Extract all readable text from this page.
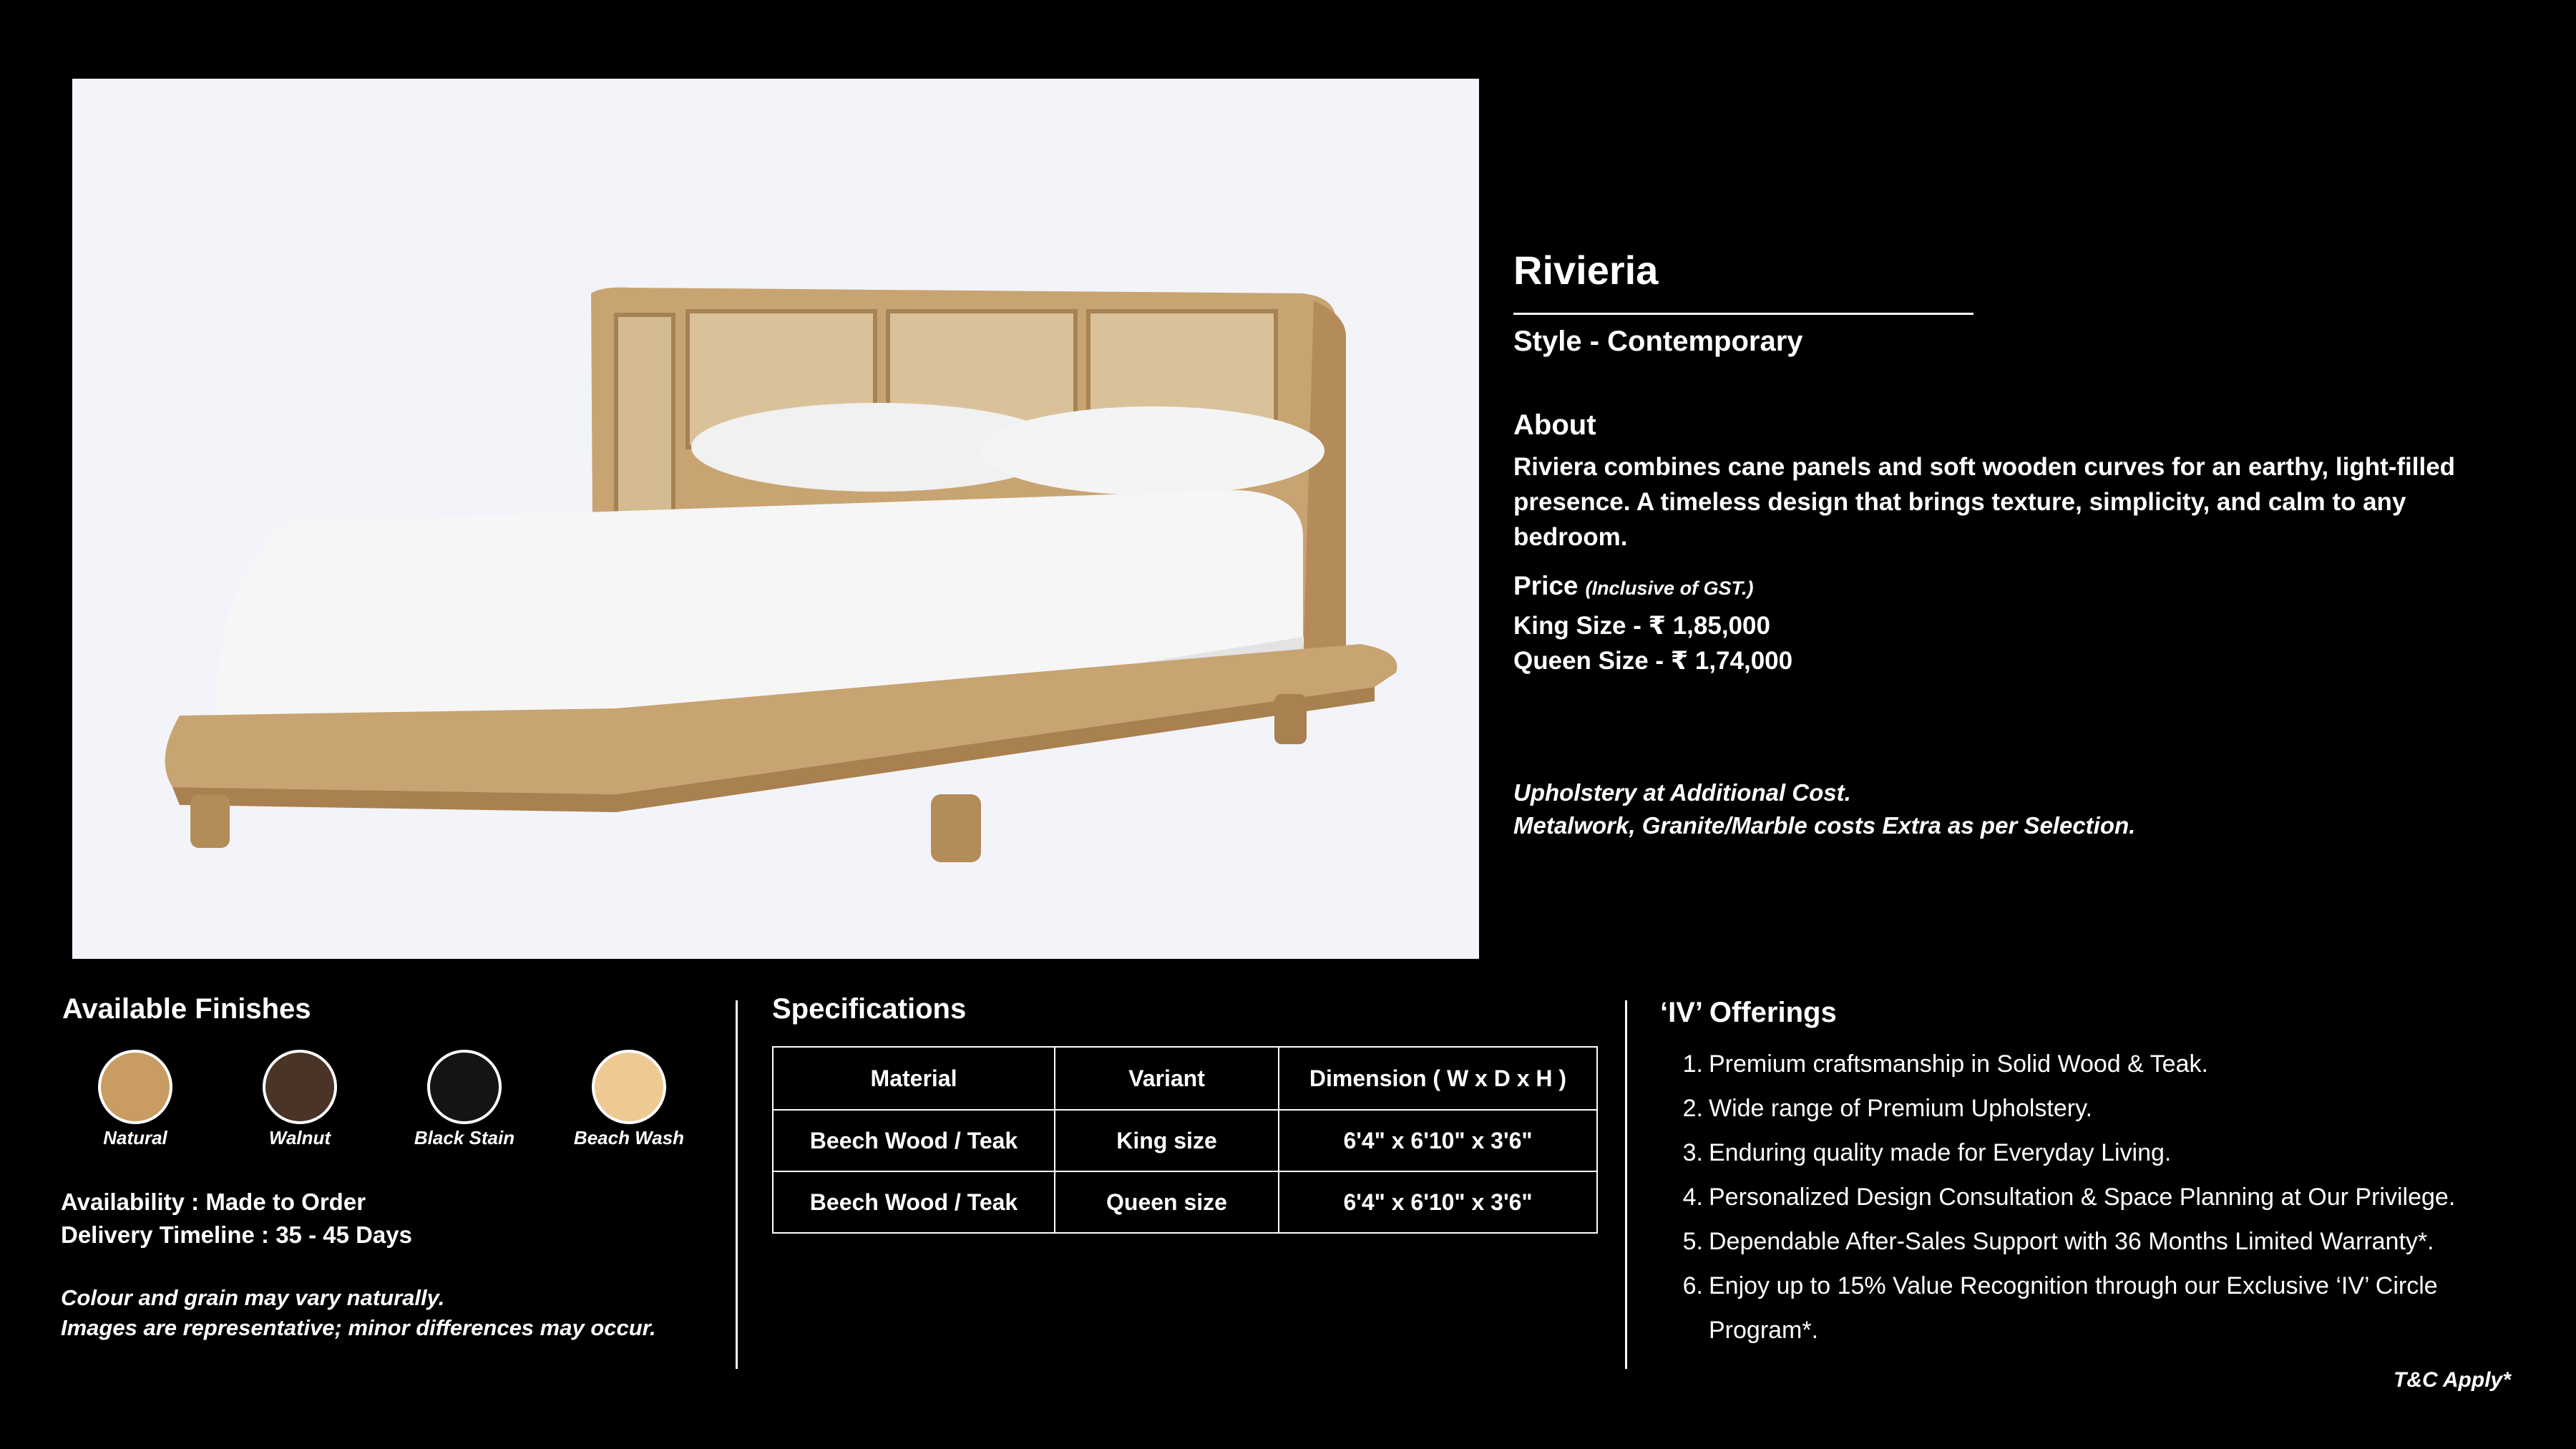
Rivieria
Style - Contemporary
About
Riviera combines cane panels and soft wooden curves for an earthy, light-filled presence. A timeless design that brings texture, simplicity, and calm to any bedroom.
Price (Inclusive of GST.)
King Size - ₹ 1,85,000
Queen Size - ₹ 1,74,000
Upholstery at Additional Cost.
Metalwork, Granite/Marble costs Extra as per Selection.
Available Finishes
Natural	Walnut	Black Stain	Beach Wash
Availability : Made to Order
Delivery Timeline : 35 - 45 Days
Colour and grain may vary naturally.
Images are representative; minor differences may occur.
Specifications
Material	Variant	Dimension ( W x D x H )
Beech Wood / Teak	King size	6'4" x 6'10" x 3'6"
Beech Wood / Teak	Queen size	6'4" x 6'10" x 3'6"
‘IV’ Offerings
1. Premium craftsmanship in Solid Wood & Teak.
2. Wide range of Premium Upholstery.
3. Enduring quality made for Everyday Living.
4. Personalized Design Consultation & Space Planning at Our Privilege.
5. Dependable After-Sales Support with 36 Months Limited Warranty*.
6. Enjoy up to 15% Value Recognition through our Exclusive ‘IV’ Circle Program*.
T&C Apply*
